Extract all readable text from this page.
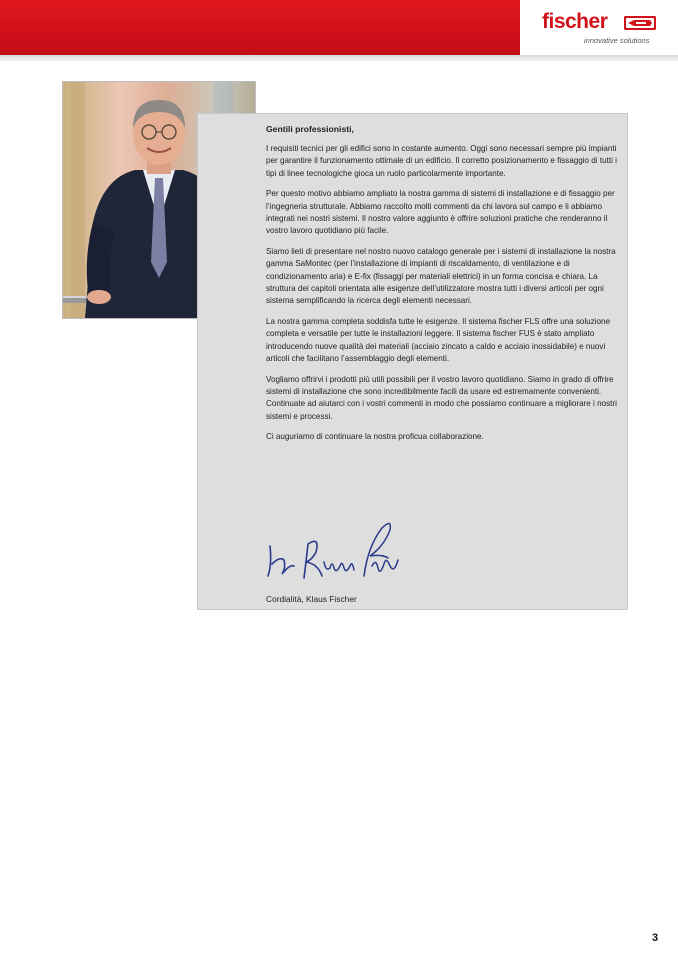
fischer
innovative solutions
Gentili professionisti,

I requisiti tecnici per gli edifici sono in costante aumento. Oggi sono necessari sempre più impianti per garantire il funzionamento ottimale di un edificio. Il corretto posizionamento e fissaggio di tutti i tipi di linee tecnologiche gioca un ruolo particolarmente importante.

Per questo motivo abbiamo ampliato la nostra gamma di sistemi di installazione e di fissaggio per l’ingegneria strutturale. Abbiamo raccolto molti commenti da chi lavora sul campo e li abbiamo integrati nei nostri sistemi. Il nostro valore aggiunto è offrire soluzioni pratiche che renderanno il vostro lavoro quotidiano più facile.

Siamo lieti di presentare nel nostro nuovo catalogo generale per i sistemi di installazione la nostra gamma SaMontec (per l’installazione di impianti di riscaldamento, di ventilazione e di condizionamento aria) e E-fix (fissaggi per materiali elettrici) in un forma concisa e chiara. La struttura dei capitoli orientata alle esigenze dell’utilizzatore mostra tutti i diversi articoli per ogni sistema semplificando la ricerca degli elementi necessari.

La nostra gamma completa soddisfa tutte le esigenze. Il sistema fischer FLS offre una soluzione completa e versatile per tutte le installazioni leggere. Il sistema fischer FUS è stato ampliato introducendo nuove qualità dei materiali (acciaio zincato a caldo e acciaio inossidabile) e nuovi articoli che facilitano l’assemblaggio degli elementi.

Vogliamo offrirvi i prodotti più utili possibili per il vostro lavoro quotidiano. Siamo in grado di offrire sistemi di installazione che sono incredibilmente facili da usare ed estremamente convenienti. Continuate ad aiutarci con i vostri commenti in modo che possiamo continuare a migliorare i nostri sistemi e processi.

Ci auguriamo di continuare la nostra proficua collaborazione.

Cordialità, Klaus Fischer
3
